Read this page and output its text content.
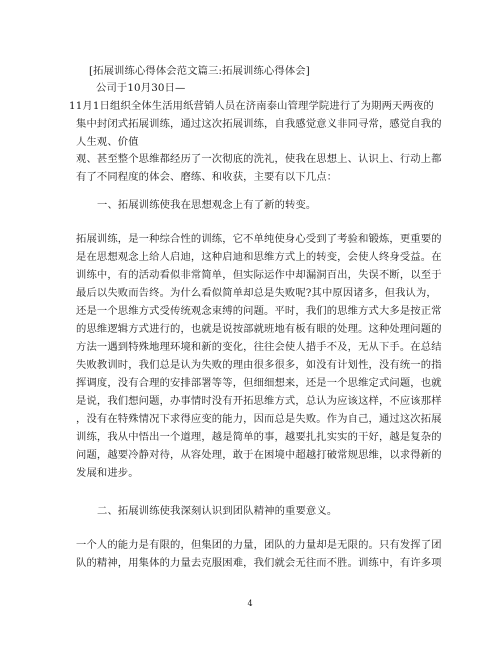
[拓展训练心得体会范文篇三:拓展训练心得体会]
公司于10月30日—
11月1日组织全体生活用纸营销人员在济南泰山管理学院进行了为期两天两夜的
集中封闭式拓展训练，通过这次拓展训练，自我感觉意义非同寻常，感觉自我的
人生观、价值
观、甚至整个思维都经历了一次彻底的洗礼，使我在思想上、认识上、行动上都
有了不同程度的体会、磨练、和收获，主要有以下几点：
一、拓展训练使我在思想观念上有了新的转变。
拓展训练，是一种综合性的训练，它不单纯使身心受到了考验和锻炼，更重要的
是在思想观念上给人启迪，这种启迪和思维方式上的转变，会使人终身受益。在
训练中，有的活动看似非常简单，但实际运作中却漏洞百出，失误不断，以至于
最后以失败而告终。为什么看似简单却总是失败呢?其中原因诸多，但我认为，
还是一个思维方式受传统观念束缚的问题。平时，我们的思维方式大多是按正常
的思维逻辑方式进行的，也就是说按部就班地有板有眼的处理。这种处理问题的
方法一遇到特殊地理环境和新的变化，往往会使人措手不及，无从下手。在总结
失败教训时，我们总是认为失败的理由很多很多，如没有计划性，没有统一的指
挥调度，没有合理的安排部署等等，但细细想来，还是一个思维定式问题，也就
是说，我们想问题，办事情时没有开拓思维方式，总认为应该这样，不应该那样
，没有在特殊情况下求得应变的能力，因而总是失败。作为自己，通过这次拓展
训练，我从中悟出一个道理，越是简单的事，越要扎扎实实的干好，越是复杂的
问题，越要冷静对待，从容处理，敢于在困境中超越打破常规思维，以求得新的
发展和进步。
二、拓展训练使我深刻认识到团队精神的重要意义。
一个人的能力是有限的，但集团的力量，团队的力量却是无限的。只有发挥了团
队的精神，用集体的力量去克服困难，我们就会无往而不胜。训练中，有许多项
4
